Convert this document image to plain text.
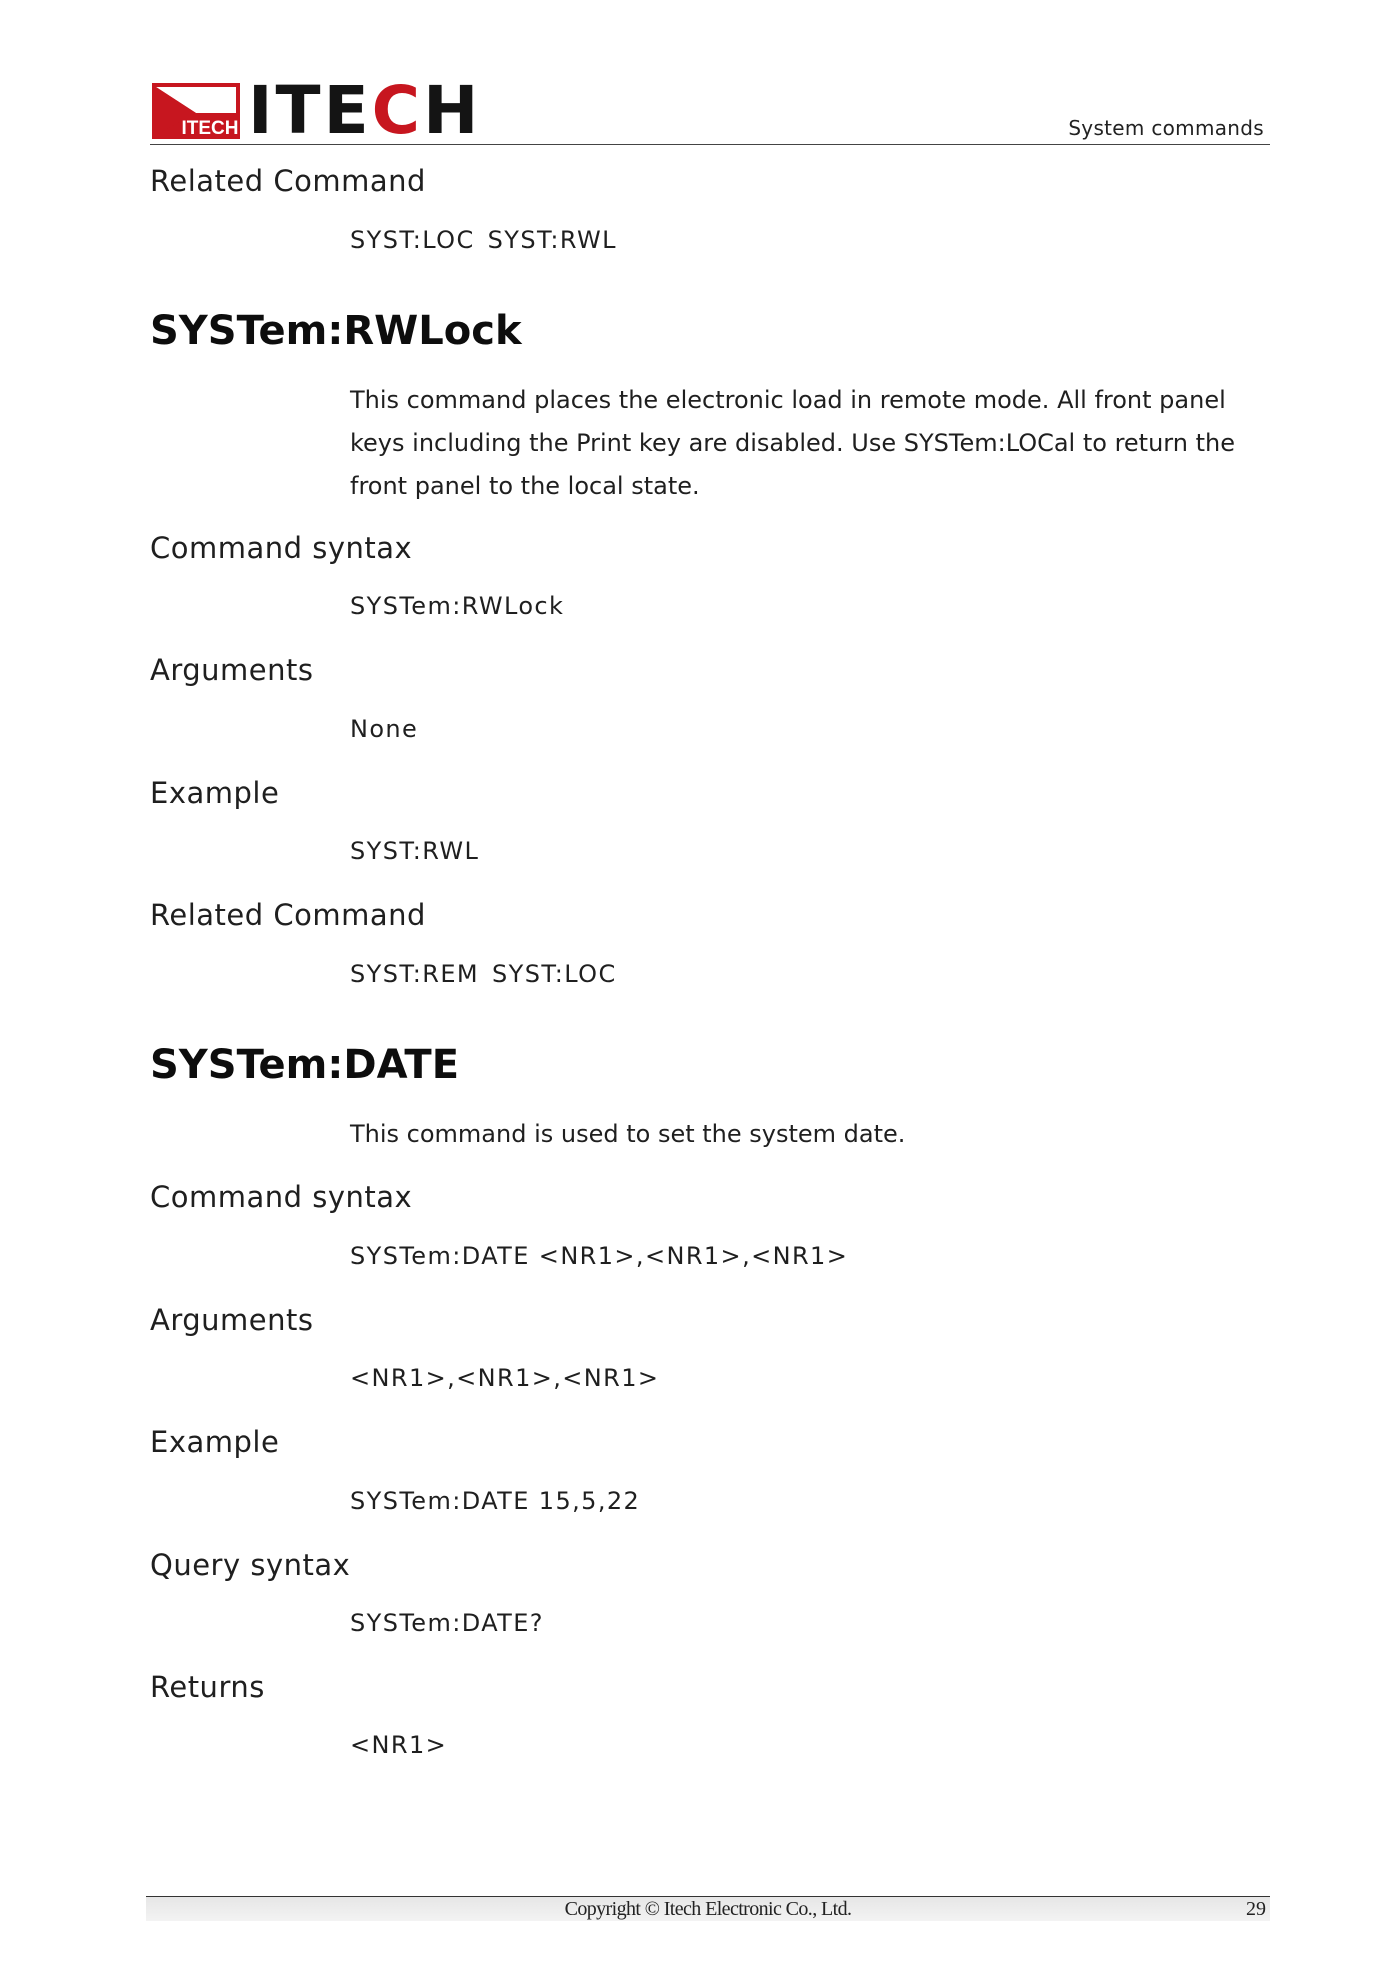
ITECH ITECH	System commands
Related Command
SYST:LOC SYST:RWL
SYSTem:RWLock
This command places the electronic load in remote mode. All front panel keys including the Print key are disabled. Use SYSTem:LOCal to return the front panel to the local state.
Command syntax
SYSTem:RWLock
Arguments
None
Example
SYST:RWL
Related Command
SYST:REM SYST:LOC
SYSTem:DATE
This command is used to set the system date.
Command syntax
SYSTem:DATE <NR1>,<NR1>,<NR1>
Arguments
<NR1>,<NR1>,<NR1>
Example
SYSTem:DATE 15,5,22
Query syntax
SYSTem:DATE?
Returns
<NR1>
Copyright © Itech Electronic Co., Ltd.	29
